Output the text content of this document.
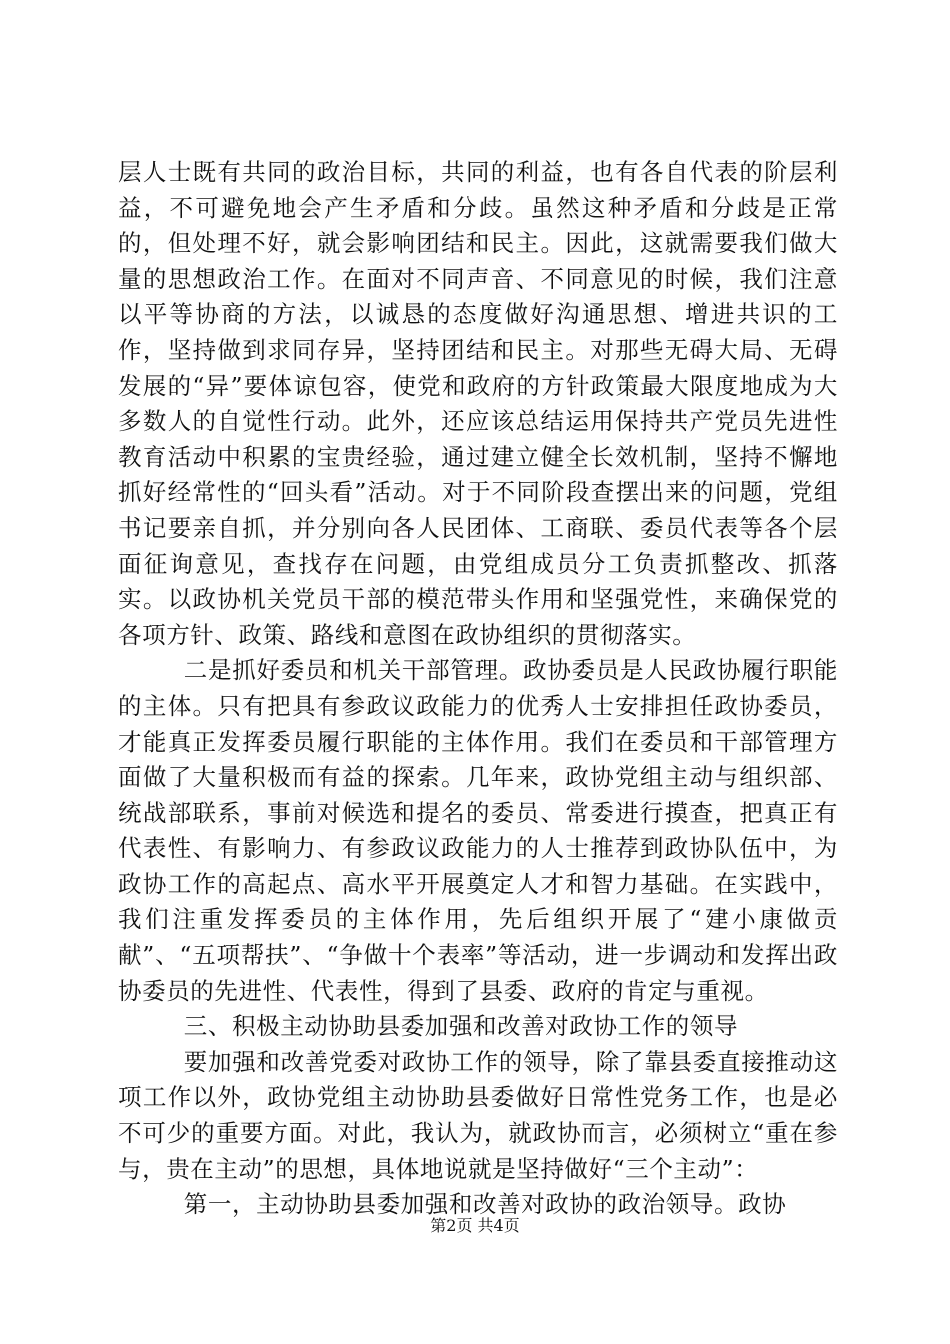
层人士既有共同的政治目标，共同的利益，也有各自代表的阶层利益，不可避免地会产生矛盾和分歧。虽然这种矛盾和分歧是正常的，但处理不好，就会影响团结和民主。因此，这就需要我们做大量的思想政治工作。在面对不同声音、不同意见的时候，我们注意以平等协商的方法，以诚恳的态度做好沟通思想、增进共识的工作，坚持做到求同存异，坚持团结和民主。对那些无碍大局、无碍发展的“异”要体谅包容，使党和政府的方针政策最大限度地成为大多数人的自觉性行动。此外，还应该总结运用保持共产党员先进性教育活动中积累的宝贵经验，通过建立健全长效机制，坚持不懈地抓好经常性的“回头看”活动。对于不同阶段查摆出来的问题，党组书记要亲自抓，并分别向各人民团体、工商联、委员代表等各个层面征询意见，查找存在问题，由党组成员分工负责抓整改、抓落实。以政协机关党员干部的模范带头作用和坚强党性，来确保党的各项方针、政策、路线和意图在政协组织的贯彻落实。

二是抓好委员和机关干部管理。政协委员是人民政协履行职能的主体。只有把具有参政议政能力的优秀人士安排担任政协委员，才能真正发挥委员履行职能的主体作用。我们在委员和干部管理方面做了大量积极而有益的探索。几年来，政协党组主动与组织部、统战部联系，事前对候选和提名的委员、常委进行摸查，把真正有代表性、有影响力、有参政议政能力的人士推荐到政协队伍中，为政协工作的高起点、高水平开展奠定人才和智力基础。在实践中，我们注重发挥委员的主体作用，先后组织开展了“建小康做贡献”、“五项帮扶”、“争做十个表率”等活动，进一步调动和发挥出政协委员的先进性、代表性，得到了县委、政府的肯定与重视。

三、积极主动协助县委加强和改善对政协工作的领导

要加强和改善党委对政协工作的领导，除了靠县委直接推动这项工作以外，政协党组主动协助县委做好日常性党务工作，也是必不可少的重要方面。对此，我认为，就政协而言，必须树立“重在参与，贵在主动”的思想，具体地说就是坚持做好“三个主动”：

第一，主动协助县委加强和改善对政协的政治领导。政协

第2页 共4页
